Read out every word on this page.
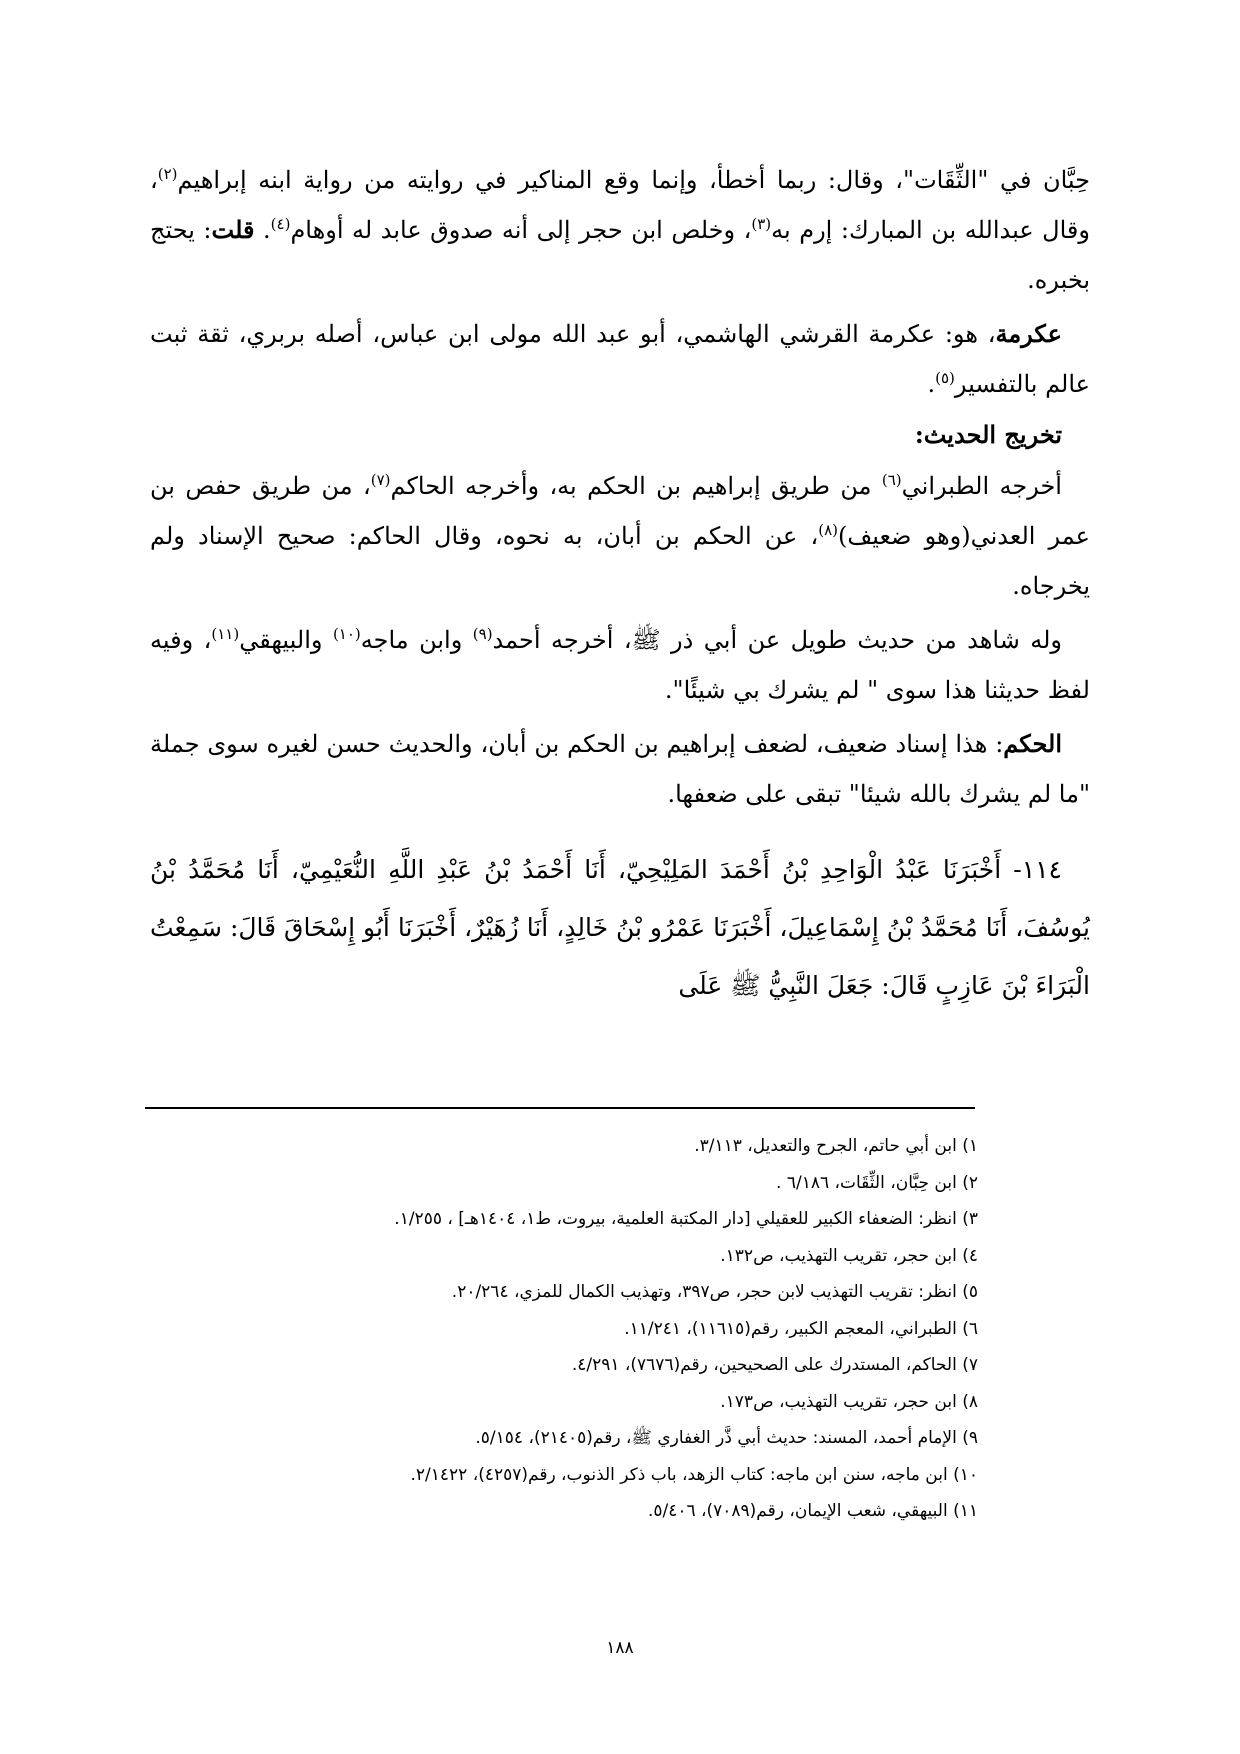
حِبَّان في "الثِّقَات"، وقال: ربما أخطأ، وإنما وقع المناكير في روايته من رواية ابنه إبراهيم$^{(٢)}$، وقال عبدالله بن المبارك: إرم به$^{(٣)}$، وخلص ابن حجر إلى أنه صدوق عابد له أوهام$^{(٤)}$. قلت: يحتج بخبره.

عكرمة، هو: عكرمة القرشي الهاشمي، أبو عبد الله مولى ابن عباس، أصله بربري، ثقة ثبت عالم بالتفسير$^{(٥)}$.

تخريج الحديث:

أخرجه الطبراني$^{(٦)}$ من طريق إبراهيم بن الحكم به، وأخرجه الحاكم$^{(٧)}$، من طريق حفص بن عمر العدني(وهو ضعيف)$^{(٨)}$، عن الحكم بن أبان، به نحوه، وقال الحاكم: صحيح الإسناد ولم يخرجاه.

وله شاهد من حديث طويل عن أبي ذر ﷺ، أخرجه أحمد$^{(٩)}$ وابن ماجه$^{(١٠)}$ والبيهقي$^{(١١)}$، وفيه لفظ حديثنا هذا سوى " لم يشرك بي شيئًا".

الحكم: هذا إسناد ضعيف، لضعف إبراهيم بن الحكم بن أبان، والحديث حسن لغيره سوى جملة "ما لم يشرك بالله شيئا" تبقى على ضعفها.

١١٤- أَخْبَرَنَا عَبْدُ الْوَاحِدِ بْنُ أَحْمَدَ المَلِيْحِيّ، أَنَا أَحْمَدُ بْنُ عَبْدِ اللَّهِ النُّعَيْمِيّ، أَنَا مُحَمَّدُ بْنُ يُوسُفَ، أَنَا مُحَمَّدُ بْنُ إِسْمَاعِيلَ، أَخْبَرَنَا عَمْرُو بْنُ خَالِدٍ، أَنَا زُهَيْرٌ، أَخْبَرَنَا أَبُو إِسْحَاقَ قَالَ: سَمِعْتُ الْبَرَاءَ بْنَ عَازِبٍ قَالَ: جَعَلَ النَّبِيُّ ﷺ عَلَى

١) ابن أبي حاتم، الجرح والتعديل، ٣/١١٣.
٢) ابن حِبَّان، الثِّقَات، ٦/١٨٦ .
٣) انظر: الضعفاء الكبير للعقيلي [دار المكتبة العلمية، بيروت، ط١، ١٤٠٤هـ] ، ١/٢٥٥.
٤) ابن حجر، تقريب التهذيب، ص١٣٢.
٥) انظر: تقريب التهذيب لابن حجر، ص٣٩٧، وتهذيب الكمال للمزي، ٢٠/٢٦٤.
٦) الطبراني، المعجم الكبير، رقم(١١٦١٥)، ١١/٢٤١.
٧) الحاكم، المستدرك على الصحيحين، رقم(٧٦٧٦)، ٤/٢٩١.
٨) ابن حجر، تقريب التهذيب، ص١٧٣.
٩) الإمام أحمد، المسند: حديث أبي ذَّر الغفاري ﷺ، رقم(٢١٤٠٥)، ٥/١٥٤.
١٠) ابن ماجه، سنن ابن ماجه: كتاب الزهد، باب ذكر الذنوب، رقم(٤٢٥٧)، ٢/١٤٢٢.
١١) البيهقي، شعب الإيمان، رقم(٧٠٨٩)، ٥/٤٠٦.
١٨٨
